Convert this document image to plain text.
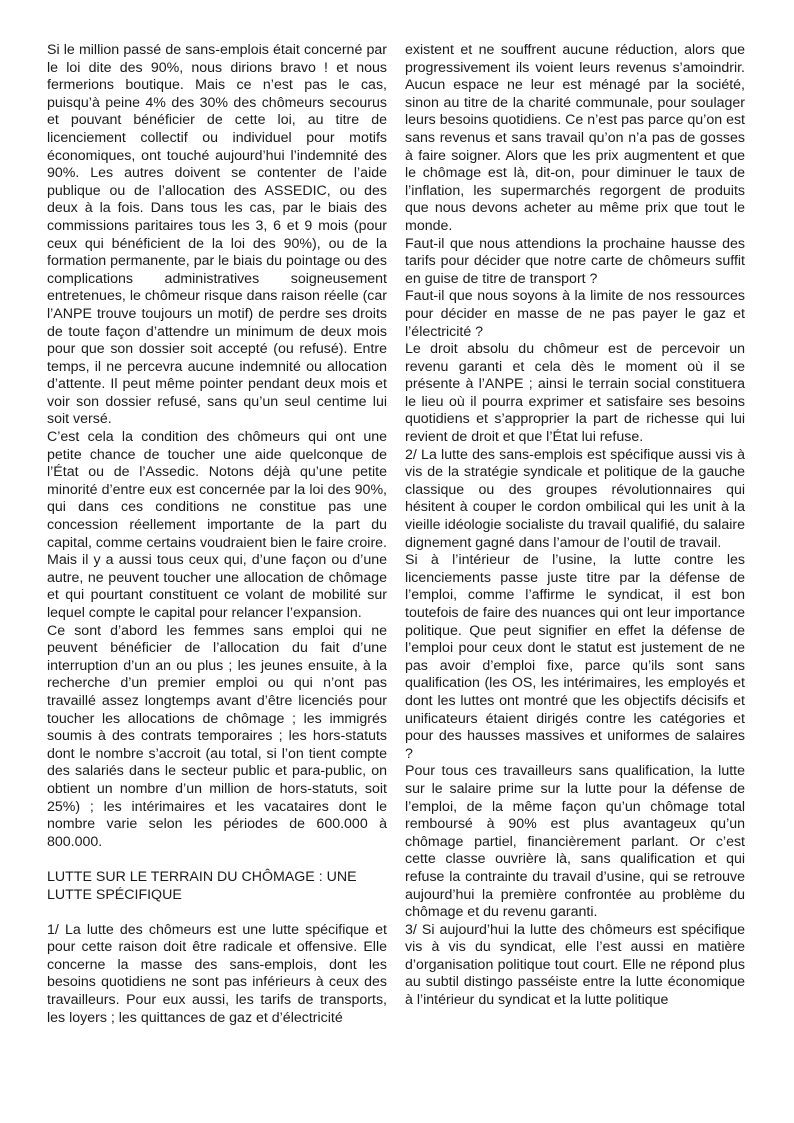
Si le million passé de sans-emplois était concerné par le loi dite des 90%, nous dirions bravo ! et nous fermerions boutique. Mais ce n’est pas le cas, puisqu’à peine 4% des 30% des chômeurs secourus et pouvant bénéficier de cette loi, au titre de licenciement collectif ou individuel pour motifs économiques, ont touché aujourd’hui l’indemnité des 90%. Les autres doivent se contenter de l’aide publique ou de l’allocation des ASSEDIC, ou des deux à la fois. Dans tous les cas, par le biais des commissions paritaires tous les 3, 6 et 9 mois (pour ceux qui bénéficient de la loi des 90%), ou de la formation permanente, par le biais du pointage ou des complications administratives soigneusement entretenues, le chômeur risque dans raison réelle (car l’ANPE trouve toujours un motif) de perdre ses droits de toute façon d’attendre un minimum de deux mois pour que son dossier soit accepté (ou refusé). Entre temps, il ne percevra aucune indemnité ou allocation d’attente. Il peut même pointer pendant deux mois et voir son dossier refusé, sans qu’un seul centime lui soit versé.

C’est cela la condition des chômeurs qui ont une petite chance de toucher une aide quelconque de l’État ou de l’Assedic. Notons déjà qu’une petite minorité d’entre eux est concernée par la loi des 90%, qui dans ces conditions ne constitue pas une concession réellement importante de la part du capital, comme certains voudraient bien le faire croire. Mais il y a aussi tous ceux qui, d’une façon ou d’une autre, ne peuvent toucher une allocation de chômage et qui pourtant constituent ce volant de mobilité sur lequel compte le capital pour relancer l’expansion.

Ce sont d’abord les femmes sans emploi qui ne peuvent bénéficier de l’allocation du fait d’une interruption d’un an ou plus ; les jeunes ensuite, à la recherche d’un premier emploi ou qui n’ont pas travaillé assez longtemps avant d’être licenciés pour toucher les allocations de chômage ; les immigrés soumis à des contrats temporaires ; les hors-statuts dont le nombre s’accroit (au total, si l’on tient compte des salariés dans le secteur public et para-public, on obtient un nombre d’un million de hors-statuts, soit 25%) ; les intérimaires et les vacataires dont le nombre varie selon les périodes de 600.000 à 800.000.

LUTTE SUR LE TERRAIN DU CHÔMAGE : UNE LUTTE SPÉCIFIQUE

1/ La lutte des chômeurs est une lutte spécifique et pour cette raison doit être radicale et offensive. Elle concerne la masse des sans-emplois, dont les besoins quotidiens ne sont pas inférieurs à ceux des travailleurs. Pour eux aussi, les tarifs de transports, les loyers ; les quittances de gaz et d’électricité

existent et ne souffrent aucune réduction, alors que progressivement ils voient leurs revenus s’amoindrir. Aucun espace ne leur est ménagé par la société, sinon au titre de la charité communale, pour soulager leurs besoins quotidiens. Ce n’est pas parce qu’on est sans revenus et sans travail qu’on n’a pas de gosses à faire soigner. Alors que les prix augmentent et que le chômage est là, dit-on, pour diminuer le taux de l’inflation, les supermarchés regorgent de produits que nous devons acheter au même prix que tout le monde.

Faut-il que nous attendions la prochaine hausse des tarifs pour décider que notre carte de chômeurs suffit en guise de titre de transport ?

Faut-il que nous soyons à la limite de nos ressources pour décider en masse de ne pas payer le gaz et l’électricité ?

Le droit absolu du chômeur est de percevoir un revenu garanti et cela dès le moment où il se présente à l’ANPE ; ainsi le terrain social constituera le lieu où il pourra exprimer et satisfaire ses besoins quotidiens et s’approprier la part de richesse qui lui revient de droit et que l’État lui refuse.

2/ La lutte des sans-emplois est spécifique aussi vis à vis de la stratégie syndicale et politique de la gauche classique ou des groupes révolutionnaires qui hésitent à couper le cordon ombilical qui les unit à la vieille idéologie socialiste du travail qualifié, du salaire dignement gagné dans l’amour de l’outil de travail.

Si à l’intérieur de l’usine, la lutte contre les licenciements passe juste titre par la défense de l’emploi, comme l’affirme le syndicat, il est bon toutefois de faire des nuances qui ont leur importance politique. Que peut signifier en effet la défense de l’emploi pour ceux dont le statut est justement de ne pas avoir d’emploi fixe, parce qu’ils sont sans qualification (les OS, les intérimaires, les employés et dont les luttes ont montré que les objectifs décisifs et unificateurs étaient dirigés contre les catégories et pour des hausses massives et uniformes de salaires ?

Pour tous ces travailleurs sans qualification, la lutte sur le salaire prime sur la lutte pour la défense de l’emploi, de la même façon qu’un chômage total remboursé à 90% est plus avantageux qu’un chômage partiel, financièrement parlant. Or c’est cette classe ouvrière là, sans qualification et qui refuse la contrainte du travail d’usine, qui se retrouve aujourd’hui la première confrontée au problème du chômage et du revenu garanti.

3/ Si aujourd’hui la lutte des chômeurs est spécifique vis à vis du syndicat, elle l’est aussi en matière d’organisation politique tout court. Elle ne répond plus au subtil distingo passéiste entre la lutte économique à l’intérieur du syndicat et la lutte politique
